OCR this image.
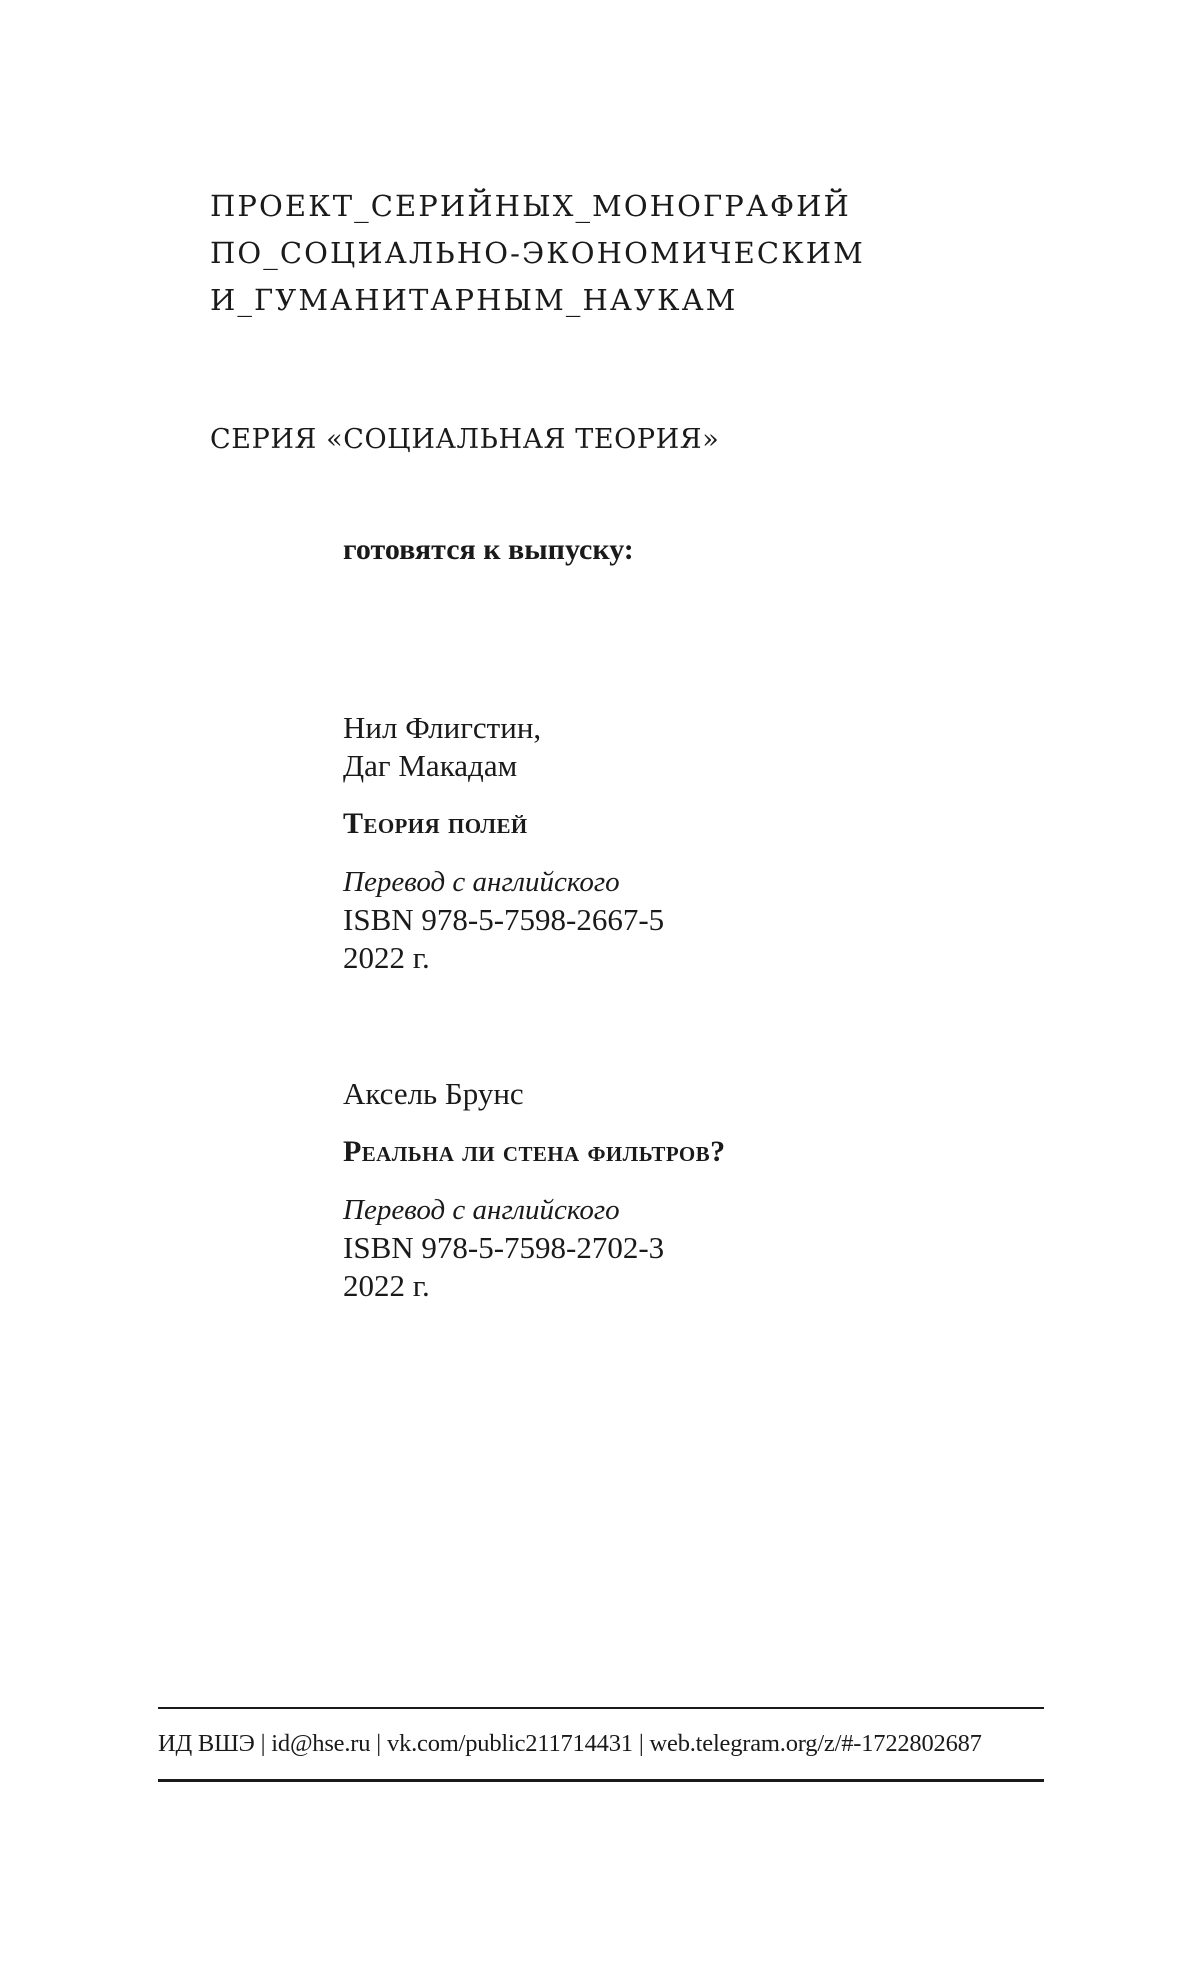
ПРОЕКТ_СЕРИЙНЫХ_МОНОГРАФИЙ
ПО_СОЦИАЛЬНО-ЭКОНОМИЧЕСКИМ
И_ГУМАНИТАРНЫМ_НАУКАМ
СЕРИЯ «СОЦИАЛЬНАЯ ТЕОРИЯ»
готовятся к выпуску:
Нил Флигстин,
Даг Макадам
Теория полей
Перевод с английского
ISBN 978-5-7598-2667-5
2022 г.
Аксель Брунс
Реальна ли стена фильтров?
Перевод с английского
ISBN 978-5-7598-2702-3
2022 г.
ИД ВШЭ | id@hse.ru | vk.com/public211714431 | web.telegram.org/z/#-1722802687
